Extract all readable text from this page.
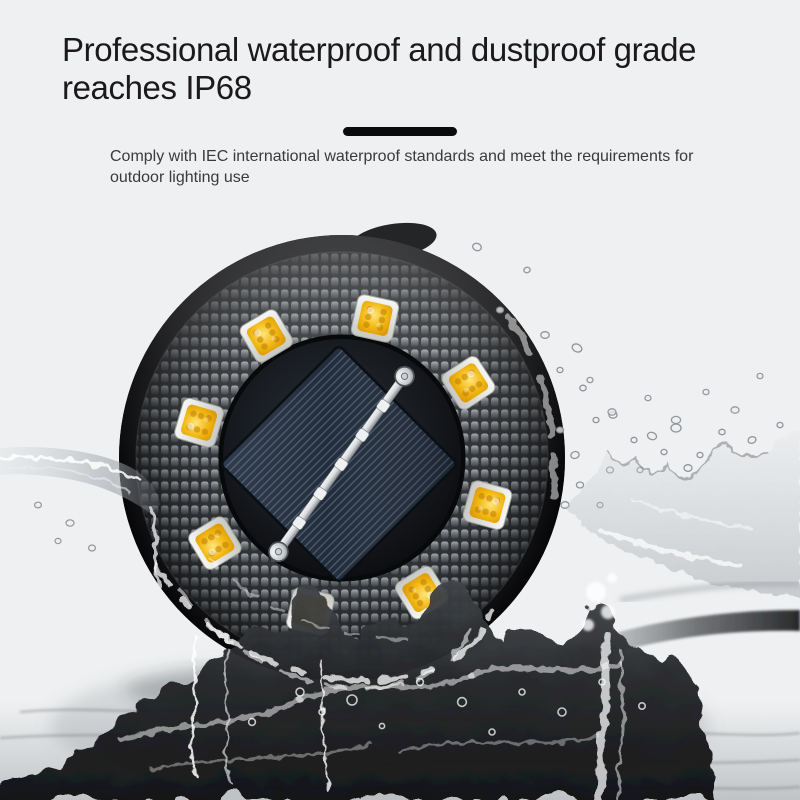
Professional waterproof and dustproof grade
reaches IP68
Comply with IEC international waterproof standards and meet the requirements for
outdoor lighting use
